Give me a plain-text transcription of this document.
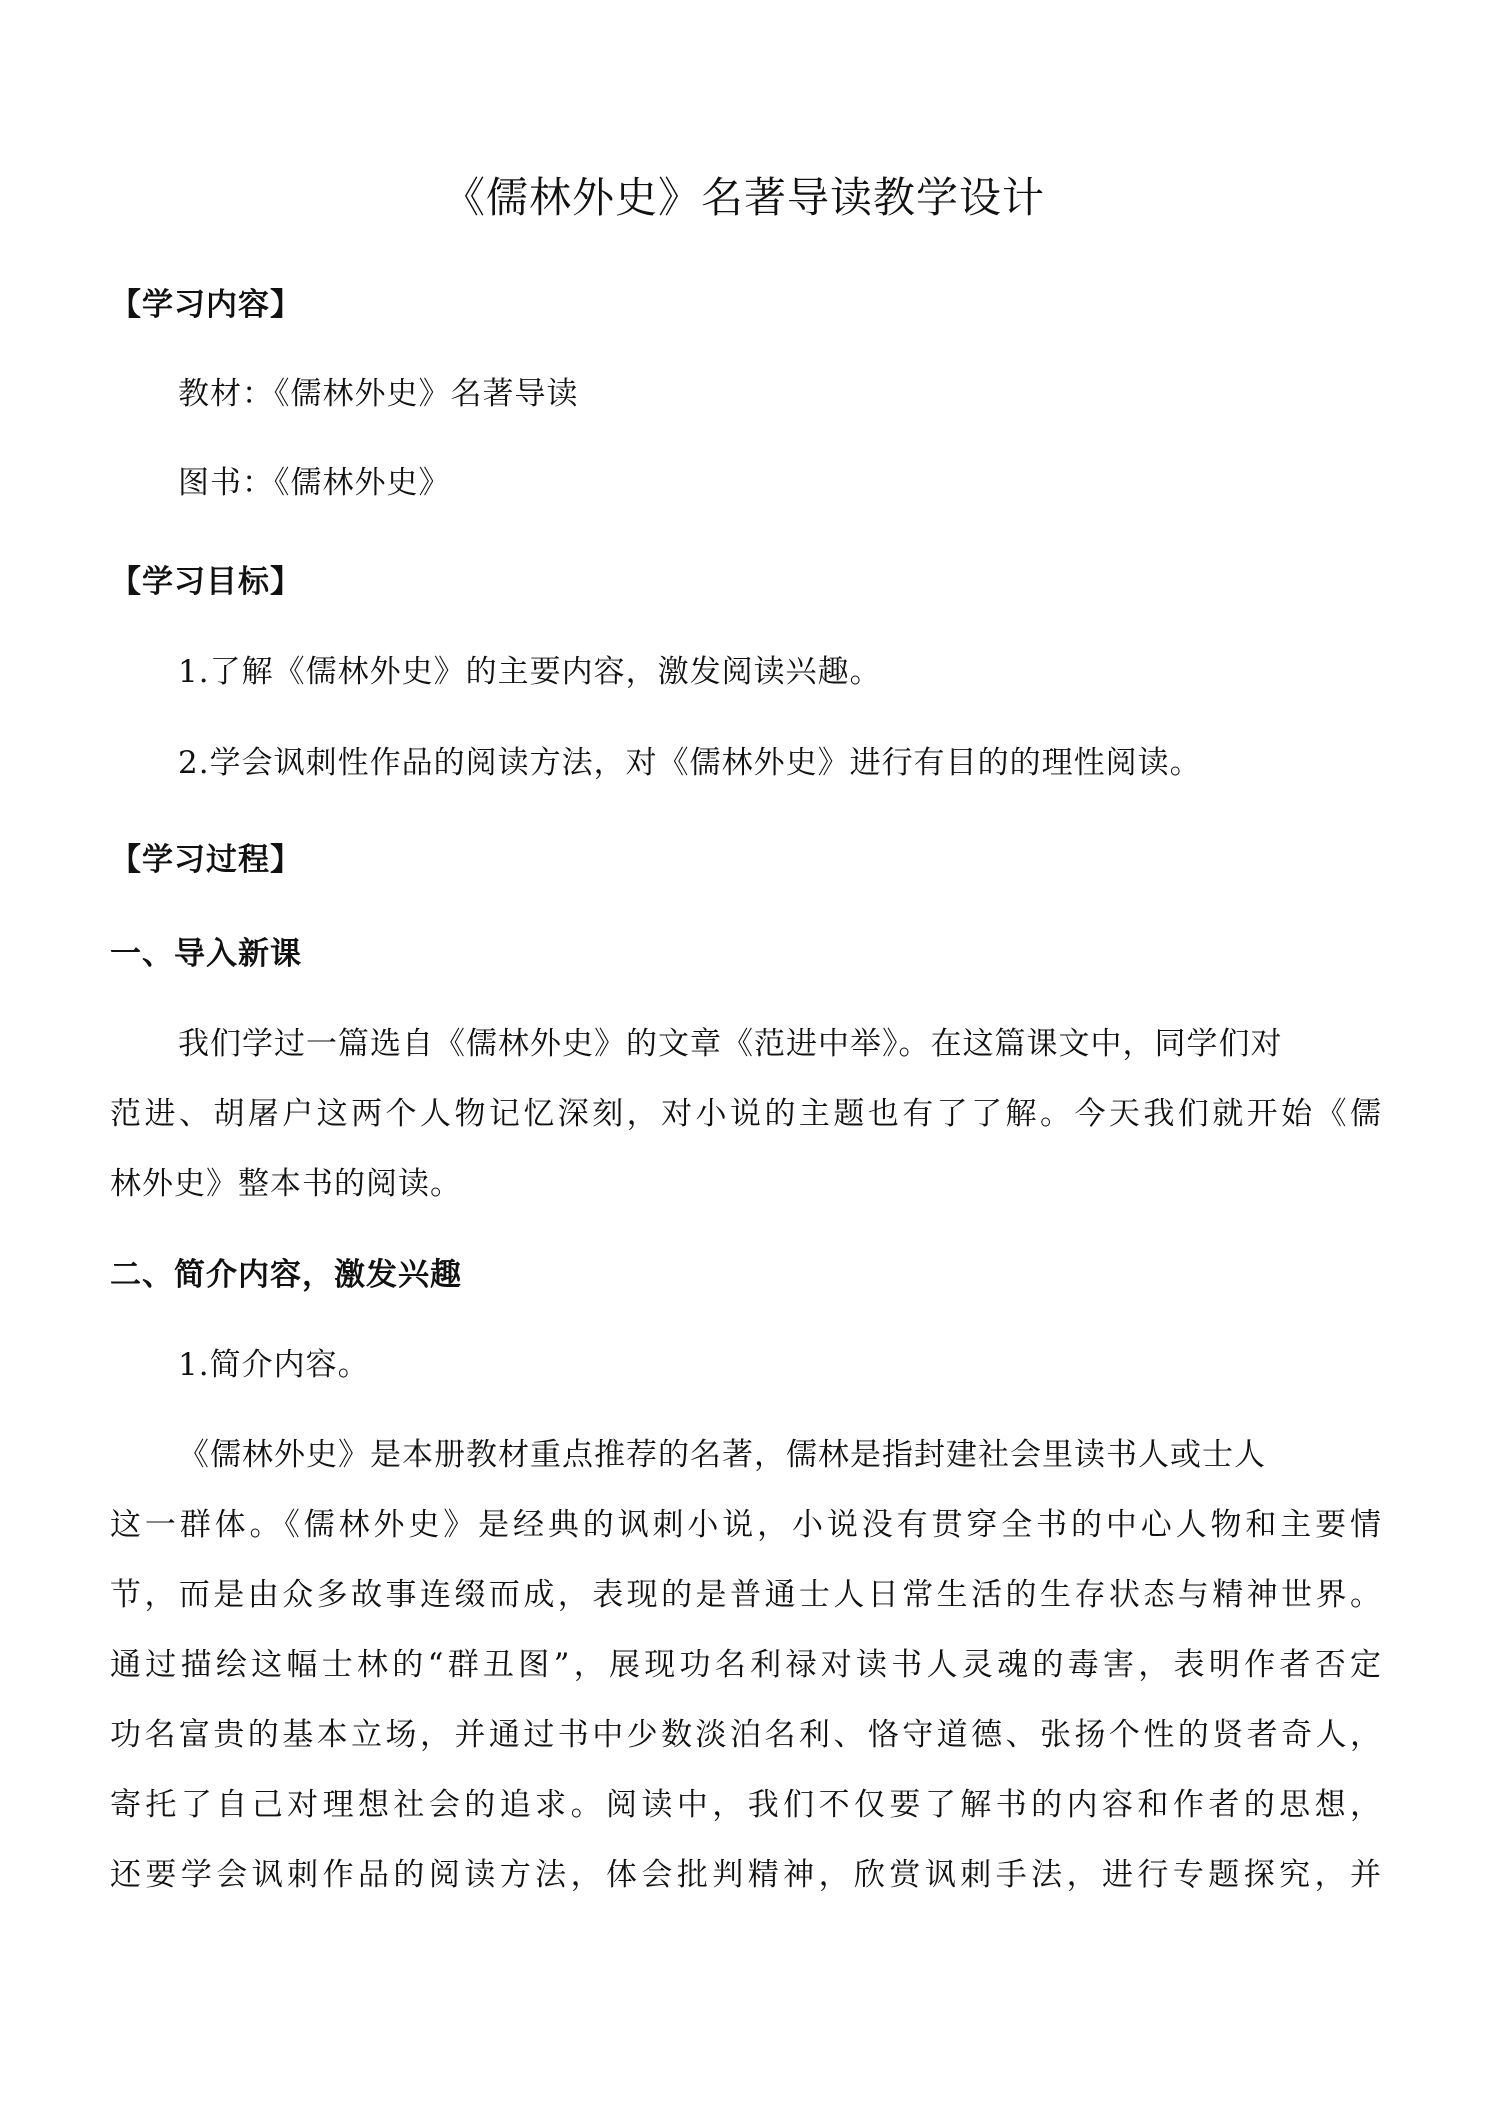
《儒林外史》名著导读教学设计
【学习内容】
教材：《儒林外史》名著导读
图书：《儒林外史》
【学习目标】
1.了解《儒林外史》的主要内容，激发阅读兴趣。
2.学会讽刺性作品的阅读方法，对《儒林外史》进行有目的的理性阅读。
【学习过程】
一、导入新课
我们学过一篇选自《儒林外史》的文章《范进中举》。在这篇课文中，同学们对
范进、胡屠户这两个人物记忆深刻，对小说的主题也有了了解。今天我们就开始《儒
林外史》整本书的阅读。
二、简介内容，激发兴趣
1.简介内容。
《儒林外史》是本册教材重点推荐的名著，儒林是指封建社会里读书人或士人
这一群体。《儒林外史》是经典的讽刺小说，小说没有贯穿全书的中心人物和主要情
节，而是由众多故事连缀而成，表现的是普通士人日常生活的生存状态与精神世界。
通过描绘这幅士林的“群丑图”，展现功名利禄对读书人灵魂的毒害，表明作者否定
功名富贵的基本立场，并通过书中少数淡泊名利、恪守道德、张扬个性的贤者奇人，
寄托了自己对理想社会的追求。阅读中，我们不仅要了解书的内容和作者的思想，
还要学会讽刺作品的阅读方法，体会批判精神，欣赏讽刺手法，进行专题探究，并
